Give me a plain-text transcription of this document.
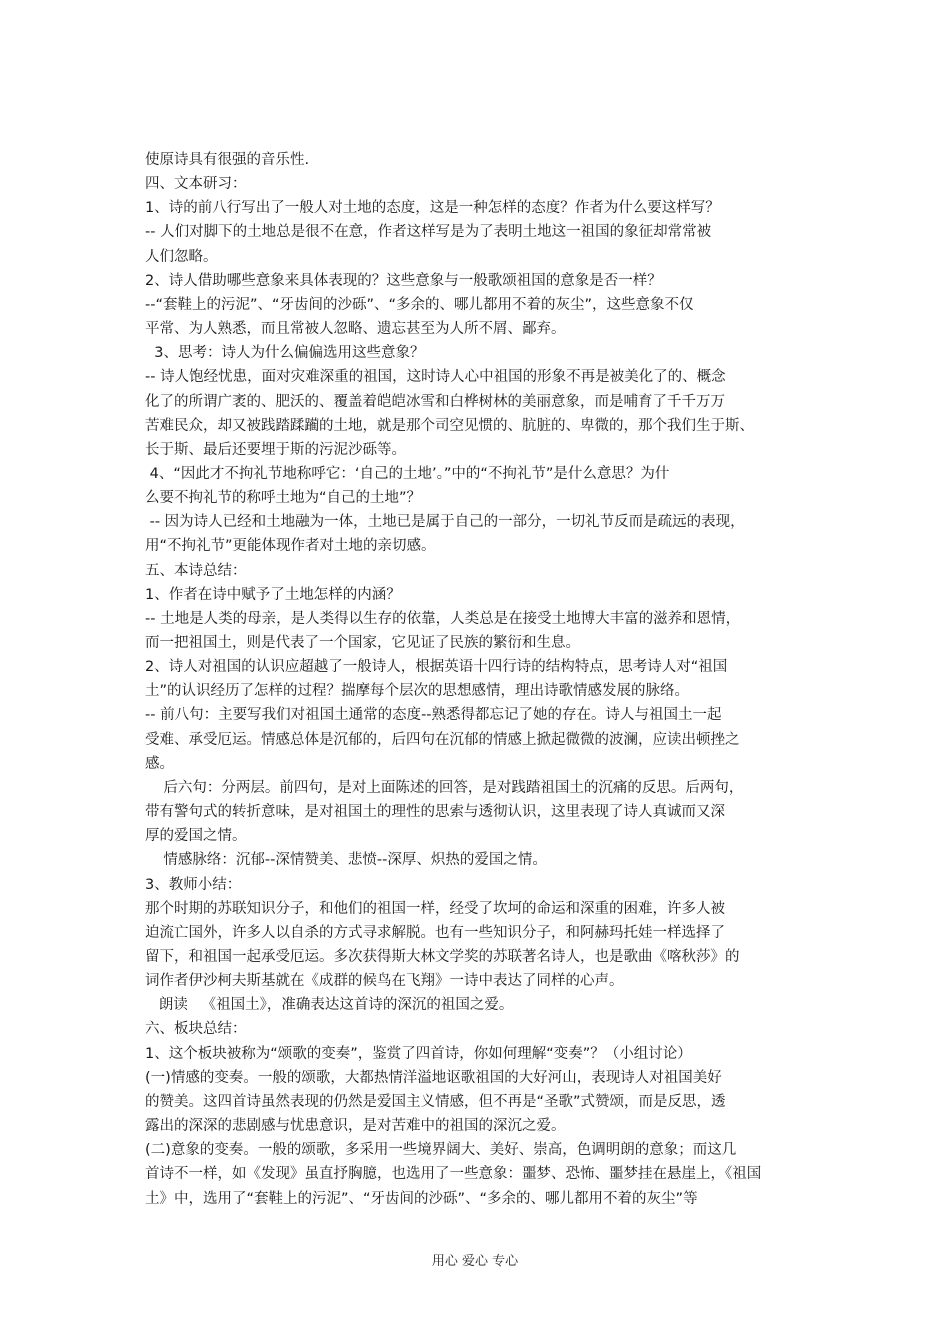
使原诗具有很强的音乐性.
四、文本研习：
1、诗的前八行写出了一般人对土地的态度，这是一种怎样的态度？作者为什么要这样写？
-- 人们对脚下的土地总是很不在意，作者这样写是为了表明土地这一祖国的象征却常常被
人们忽略。
2、诗人借助哪些意象来具体表现的？这些意象与一般歌颂祖国的意象是否一样？
--“套鞋上的污泥”、“牙齿间的沙砾”、“多余的、哪儿都用不着的灰尘”，这些意象不仅
平常、为人熟悉，而且常被人忽略、遗忘甚至为人所不屑、鄙弃。
3、思考：诗人为什么偏偏选用这些意象？
-- 诗人饱经忧患，面对灾难深重的祖国，这时诗人心中祖国的形象不再是被美化了的、概念
化了的所谓广袤的、肥沃的、覆盖着皑皑冰雪和白桦树林的美丽意象，而是哺育了千千万万
苦难民众，却又被践踏蹂躏的土地，就是那个司空见惯的、肮脏的、卑微的，那个我们生于斯、
长于斯、最后还要埋于斯的污泥沙砾等。
4、“因此才不拘礼节地称呼它：‘自己的土地’。”中的“不拘礼节”是什么意思？为什
么要不拘礼节的称呼土地为“自己的土地”？
-- 因为诗人已经和土地融为一体，土地已是属于自己的一部分，一切礼节反而是疏远的表现，
用“不拘礼节”更能体现作者对土地的亲切感。
五、本诗总结：
1、作者在诗中赋予了土地怎样的内涵？
-- 土地是人类的母亲，是人类得以生存的依靠，人类总是在接受土地博大丰富的滋养和恩情，
而一把祖国土，则是代表了一个国家，它见证了民族的繁衍和生息。
2、诗人对祖国的认识应超越了一般诗人，根据英语十四行诗的结构特点，思考诗人对“祖国
土”的认识经历了怎样的过程？揣摩每个层次的思想感情，理出诗歌情感发展的脉络。
-- 前八句：主要写我们对祖国土通常的态度--熟悉得都忘记了她的存在。诗人与祖国土一起
受难、承受厄运。情感总体是沉郁的，后四句在沉郁的情感上掀起微微的波澜，应读出顿挫之
感。
后六句：分两层。前四句，是对上面陈述的回答，是对践踏祖国土的沉痛的反思。后两句，
带有警句式的转折意味，是对祖国土的理性的思索与透彻认识，这里表现了诗人真诚而又深
厚的爱国之情。
情感脉络：沉郁--深情赞美、悲愤--深厚、炽热的爱国之情。
3、教师小结：
那个时期的苏联知识分子，和他们的祖国一样，经受了坎坷的命运和深重的困难，许多人被
迫流亡国外，许多人以自杀的方式寻求解脱。也有一些知识分子，和阿赫玛托娃一样选择了
留下，和祖国一起承受厄运。多次获得斯大林文学奖的苏联著名诗人，也是歌曲《喀秋莎》的
词作者伊沙柯夫斯基就在《成群的候鸟在飞翔》一诗中表达了同样的心声。
朗读   《祖国土》，准确表达这首诗的深沉的祖国之爱。
六、板块总结：
1、这个板块被称为“颂歌的变奏”，鉴赏了四首诗，你如何理解“变奏”？（小组讨论）
(一)情感的变奏。一般的颂歌，大都热情洋溢地讴歌祖国的大好河山，表现诗人对祖国美好
的赞美。这四首诗虽然表现的仍然是爱国主义情感，但不再是“圣歌”式赞颂，而是反思，透
露出的深深的悲剧感与忧患意识，是对苦难中的祖国的深沉之爱。
(二)意象的变奏。一般的颂歌，多采用一些境界阔大、美好、崇高，色调明朗的意象；而这几
首诗不一样，如《发现》虽直抒胸臆，也选用了一些意象：噩梦、恐怖、噩梦挂在悬崖上，《祖国
土》中，选用了“套鞋上的污泥”、“牙齿间的沙砾”、“多余的、哪儿都用不着的灰尘”等
用心 爱心 专心
